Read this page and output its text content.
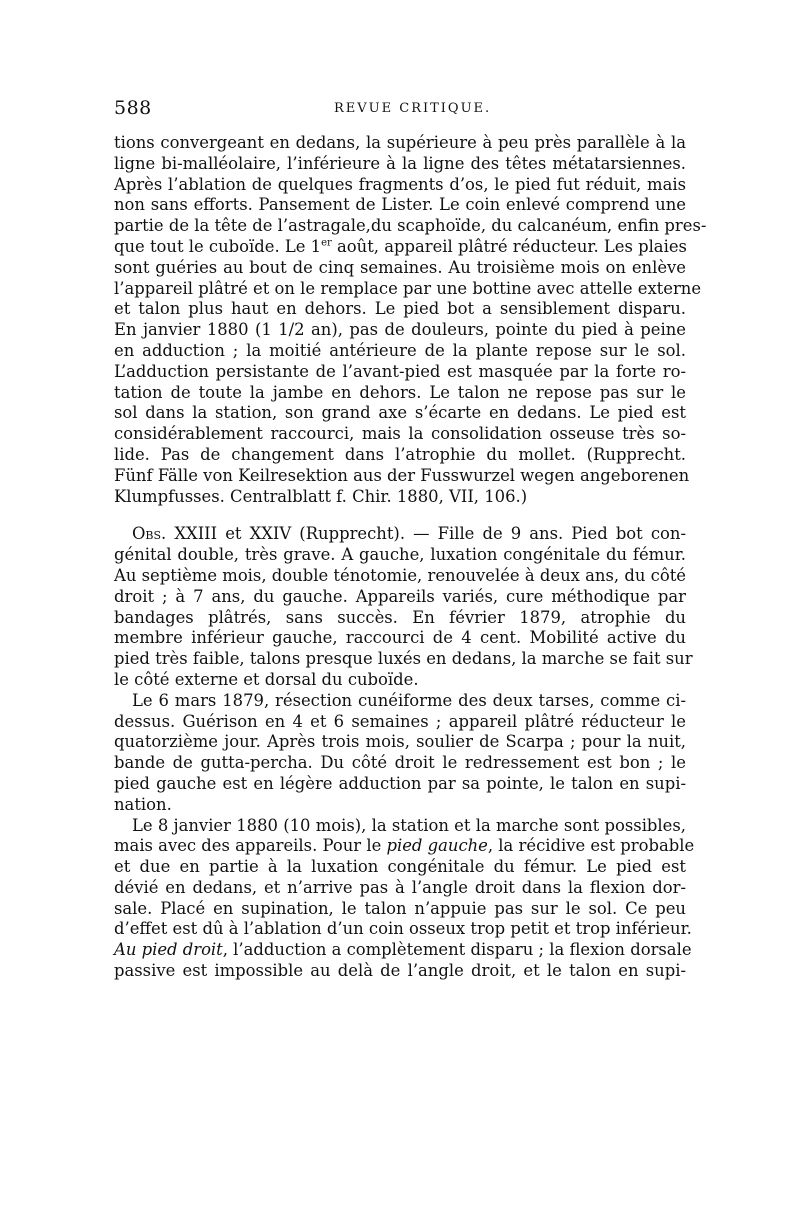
588	REVUE CRITIQUE.
tions convergeant en dedans, la supérieure à peu près parallèle à la
ligne bi-malléolaire, l’inférieure à la ligne des têtes métatarsiennes.
Après l’ablation de quelques fragments d’os, le pied fut réduit, mais
non sans efforts. Pansement de Lister. Le coin enlevé comprend une
partie de la tête de l’astragale,du scaphoïde, du calcanéum, enfin pres-
que tout le cuboïde. Le 1er août, appareil plâtré réducteur. Les plaies
sont guéries au bout de cinq semaines. Au troisième mois on enlève
l’appareil plâtré et on le remplace par une bottine avec attelle externe
et talon plus haut en dehors. Le pied bot a sensiblement disparu.
En janvier 1880 (1 1/2 an), pas de douleurs, pointe du pied à peine
en adduction ; la moitié antérieure de la plante repose sur le sol.
L’adduction persistante de l’avant-pied est masquée par la forte ro-
tation de toute la jambe en dehors. Le talon ne repose pas sur le
sol dans la station, son grand axe s’écarte en dedans. Le pied est
considérablement raccourci, mais la consolidation osseuse très so-
lide. Pas de changement dans l’atrophie du mollet. (Rupprecht.
Fünf Fälle von Keilresektion aus der Fusswurzel wegen angeborenen
Klumpfusses. Centralblatt f. Chir. 1880, VII, 106.)
Obs. XXIII et XXIV (Rupprecht). — Fille de 9 ans. Pied bot con-
génital double, très grave. A gauche, luxation congénitale du fémur.
Au septième mois, double ténotomie, renouvelée à deux ans, du côté
droit ; à 7 ans, du gauche. Appareils variés, cure méthodique par
bandages plâtrés, sans succès. En février 1879, atrophie du
membre inférieur gauche, raccourci de 4 cent. Mobilité active du
pied très faible, talons presque luxés en dedans, la marche se fait sur
le côté externe et dorsal du cuboïde.
Le 6 mars 1879, résection cunéiforme des deux tarses, comme ci-
dessus. Guérison en 4 et 6 semaines ; appareil plâtré réducteur le
quatorzième jour. Après trois mois, soulier de Scarpa ; pour la nuit,
bande de gutta-percha. Du côté droit le redressement est bon ; le
pied gauche est en légère adduction par sa pointe, le talon en supi-
nation.
Le 8 janvier 1880 (10 mois), la station et la marche sont possibles,
mais avec des appareils. Pour le pied gauche, la récidive est probable
et due en partie à la luxation congénitale du fémur. Le pied est
dévié en dedans, et n’arrive pas à l’angle droit dans la flexion dor-
sale. Placé en supination, le talon n’appuie pas sur le sol. Ce peu
d’effet est dû à l’ablation d’un coin osseux trop petit et trop inférieur.
Au pied droit, l’adduction a complètement disparu ; la flexion dorsale
passive est impossible au delà de l’angle droit, et le talon en supi-
